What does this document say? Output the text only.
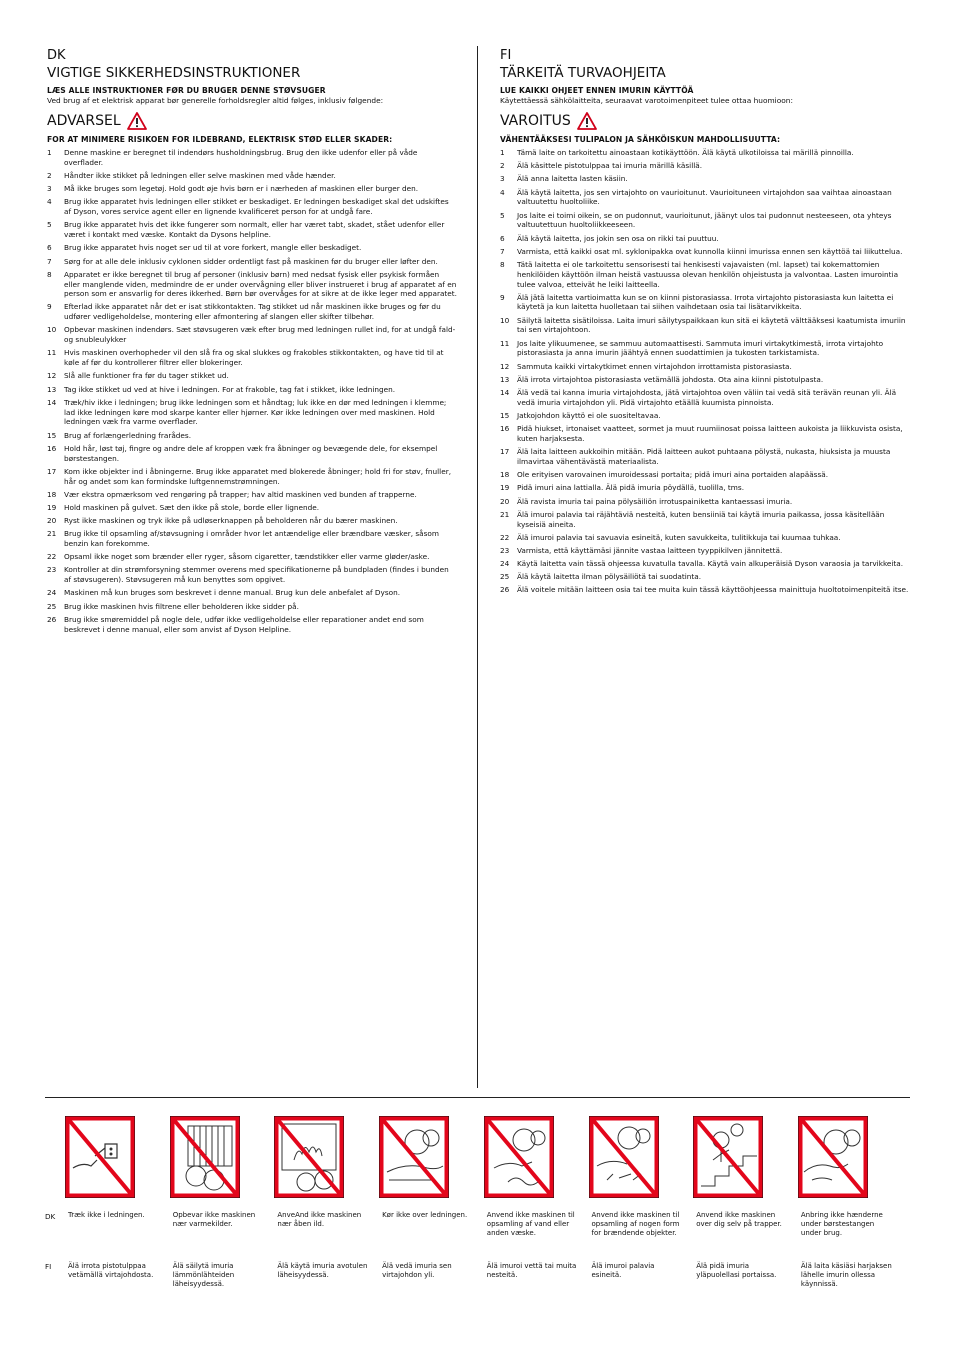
DK
VIGTIGE SIKKERHEDSINSTRUKTIONER

LÆS ALLE INSTRUKTIONER FØR DU BRUGER DENNE STØVSUGER

Ved brug af et elektrisk apparat bør generelle forholdsregler altid følges, inklusiv følgende:

ADVARSEL

FOR AT MINIMERE RISIKOEN FOR ILDEBRAND, ELEKTRISK STØD ELLER SKADER:

1	Denne maskine er beregnet til indendørs husholdningsbrug. Brug den ikke udenfor eller på våde overflader.
2	Håndter ikke stikket på ledningen eller selve maskinen med våde hænder.
3	Må ikke bruges som legetøj. Hold godt øje hvis børn er i nærheden af maskinen eller burger den.
4	Brug ikke apparatet hvis ledningen eller stikket er beskadiget. Er ledningen beskadiget skal det udskiftes af Dyson, vores service agent eller en lignende kvalificeret person for at undgå fare.
5	Brug ikke apparatet hvis det ikke fungerer som normalt, eller har været tabt, skadet, stået udenfor eller været i kontakt med væske. Kontakt da Dysons helpline.
6	Brug ikke apparatet hvis noget ser ud til at vore forkert, mangle eller beskadiget.
7	Sørg for at alle dele inklusiv cyklonen sidder ordentligt fast på maskinen før du bruger eller løfter den.
8	Apparatet er ikke beregnet til brug af personer (inklusiv børn) med nedsat fysisk eller psykisk formåen eller manglende viden, medmindre de er under overvågning eller bliver instrueret i brug af apparatet af en person som er ansvarlig for deres ikkerhed. Børn bør overvåges for at sikre at de ikke leger med apparatet.
9	Efterlad ikke apparatet når det er isat stikkontakten. Tag stikket ud når maskinen ikke bruges og før du udfører vedligeholdelse, montering eller afmontering af slangen eller skifter tilbehør.
10	Opbevar maskinen indendørs. Sæt støvsugeren væk efter brug med ledningen rullet ind, for at undgå fald- og snubleulykker
11	Hvis maskinen overhopheder vil den slå fra og skal slukkes og frakobles stikkontakten, og have tid til at køle af før du kontrollerer filtrer eller blokeringer.
12	Slå alle funktioner fra før du tager stikket ud.
13	Tag ikke stikket ud ved at hive i ledningen. For at frakoble, tag fat i stikket, ikke ledningen.
14	Træk/hiv ikke i ledningen; brug ikke ledningen som et håndtag; luk ikke en dør med ledningen i klemme; lad ikke ledningen køre mod skarpe kanter eller hjørner. Kør ikke ledningen over med maskinen. Hold ledningen væk fra varme overflader.
15	Brug af forlængerledning frarådes.
16	Hold hår, løst tøj, fingre og andre dele af kroppen væk fra åbninger og bevægende dele, for eksempel børstestangen.
17	Kom ikke objekter ind i åbningerne. Brug ikke apparatet med blokerede åbninger; hold fri for støv, fnuller, hår og andet som kan formindske luftgennemstrømningen.
18	Vær ekstra opmærksom ved rengøring på trapper; hav altid maskinen ved bunden af trapperne.
19	Hold maskinen på gulvet. Sæt den ikke på stole, borde eller lignende.
20	Ryst ikke maskinen og tryk ikke på udløserknappen på beholderen når du bærer maskinen.
21	Brug ikke til opsamling af/støvsugning i områder hvor let antændelige eller brændbare væsker, såsom benzin kan forekomme.
22	Opsaml ikke noget som brænder eller ryger, såsom cigaretter, tændstikker eller varme gløder/aske.
23	Kontroller at din strømforsyning stemmer overens med specifikationerne på bundpladen (findes i bunden af støvsugeren). Støvsugeren må kun benyttes som opgivet.
24	Maskinen må kun bruges som beskrevet i denne manual. Brug kun dele anbefalet af Dyson.
25	Brug ikke maskinen hvis filtrene eller beholderen ikke sidder på.
26	Brug ikke smøremiddel på nogle dele, udfør ikke vedligeholdelse eller reparationer andet end som beskrevet i denne manual, eller som anvist af Dyson Helpline.
FI
TÄRKEITÄ TURVAOHJEITA

LUE KAIKKI OHJEET ENNEN IMURIN KÄYTTÖÄ

Käytettäessä sähkölaitteita, seuraavat varotoimenpiteet tulee ottaa huomioon:

VAROITUS

VÄHENTÄÄKSESI TULIPALON JA SÄHKÖISKUN MAHDOLLISUUTTA:

1	Tämä laite on tarkoitettu ainoastaan kotikäyttöön. Älä käytä ulkotiloissa tai märillä pinnoilla.
2	Älä käsittele pistotulppaa tai imuria märillä käsillä.
3	Älä anna laitetta lasten käsiin.
4	Älä käytä laitetta, jos sen virtajohto on vaurioitunut. Vaurioituneen virtajohdon saa vaihtaa ainoastaan valtuutettu huoltoliike.
5	Jos laite ei toimi oikein, se on pudonnut, vaurioitunut, jäänyt ulos tai pudonnut nesteeseen, ota yhteys valtuutettuun huoltoliikkeeseen.
6	Älä käytä laitetta, jos jokin sen osa on rikki tai puuttuu.
7	Varmista, että kaikki osat ml. syklonipakka ovat kunnolla kiinni imurissa ennen sen käyttöä tai liikuttelua.
8	Tätä laitetta ei ole tarkoitettu sensorisesti tai henkisesti vajavaisten (ml. lapset) tai kokemattomien henkilöiden käyttöön ilman heistä vastuussa olevan henkilön ohjeistusta ja valvontaa. Lasten imurointia tulee valvoa, etteivät he leiki laitteella.
9	Älä jätä laitetta vartioimatta kun se on kiinni pistorasiassa. Irrota virtajohto pistorasiasta kun laitetta ei käytetä ja kun laitetta huolletaan tai siihen vaihdetaan osia tai lisätarvikkeita.
10	Säilytä laitetta sisätiloissa. Laita imuri säilytyspaikkaan kun sitä ei käytetä välttääksesi kaatumista imuriin tai sen virtajohtoon.
11	Jos laite ylikuumenee, se sammuu automaattisesti. Sammuta imuri virtakytkimestä, irrota virtajohto pistorasiasta ja anna imurin jäähtyä ennen suodattimien ja tukosten tarkistamista.
12	Sammuta kaikki virtakytkimet ennen virtajohdon irrottamista pistorasiasta.
13	Älä irrota virtajohtoa pistorasiasta vetämällä johdosta. Ota aina kiinni pistotulpasta.
14	Älä vedä tai kanna imuria virtajohdosta, jätä virtajohtoa oven väliin tai vedä sitä terävän reunan yli. Älä vedä imuria virtajohdon yli. Pidä virtajohto etäällä kuumista pinnoista.
15	Jatkojohdon käyttö ei ole suositeltavaa.
16	Pidä hiukset, irtonaiset vaatteet, sormet ja muut ruumiinosat poissa laitteen aukoista ja liikkuvista osista, kuten harjaksesta.
17	Älä laita laitteen aukkoihin mitään. Pidä laitteen aukot puhtaana pölystä, nukasta, hiuksista ja muusta ilmavirtaa vähentävästä materiaalista.
18	Ole erityisen varovainen imuroidessasi portaita; pidä imuri aina portaiden alapäässä.
19	Pidä imuri aina lattialla. Älä pidä imuria pöydällä, tuolilla, tms.
20	Älä ravista imuria tai paina pölysäiliön irrotuspainiketta kantaessasi imuria.
21	Älä imuroi palavia tai räjähtäviä nesteitä, kuten bensiiniä tai käytä imuria paikassa, jossa käsitellään kyseisiä aineita.
22	Älä imuroi palavia tai savuavia esineitä, kuten savukkeita, tulitikkuja tai kuumaa tuhkaa.
23	Varmista, että käyttämäsi jännite vastaa laitteen tyyppikilven jännitettä.
24	Käytä laitetta vain tässä ohjeessa kuvatulla tavalla. Käytä vain alkuperäisiä Dyson varaosia ja tarvikkeita.
25	Älä käytä laitetta ilman pölysäiliötä tai suodatinta.
26	Älä voitele mitään laitteen osia tai tee muita kuin tässä käyttöohjeessa mainittuja huoltotoimenpiteitä itse.
Træk ikke i ledningen.
Älä irrota pistotulppaa vetämällä virtajohdosta.
Opbevar ikke maskinen nær varmekilder.
Älä säilytä imuria lämmönlähteiden läheisyydessä.
AnveAnd ikke maskinen nær åben ild.
Älä käytä imuria avotulen läheisyydessä.
Kør ikke over ledningen.
Älä vedä imuria sen virtajohdon yli.
Anvend ikke maskinen til opsamling af vand eller anden væske.
Älä imuroi vettä tai muita nesteitä.
Anvend ikke maskinen til opsamling af nogen form for brændende objekter.
Älä imuroi palavia esineitä.
Anvend ikke maskinen over dig selv på trapper.
Älä pidä imuria yläpuolellasi portaissa.
Anbring ikke hænderne under børstestangen under brug.
Älä laita käsiäsi harjaksen lähelle imurin ollessa käynnissä.
DK
FI
